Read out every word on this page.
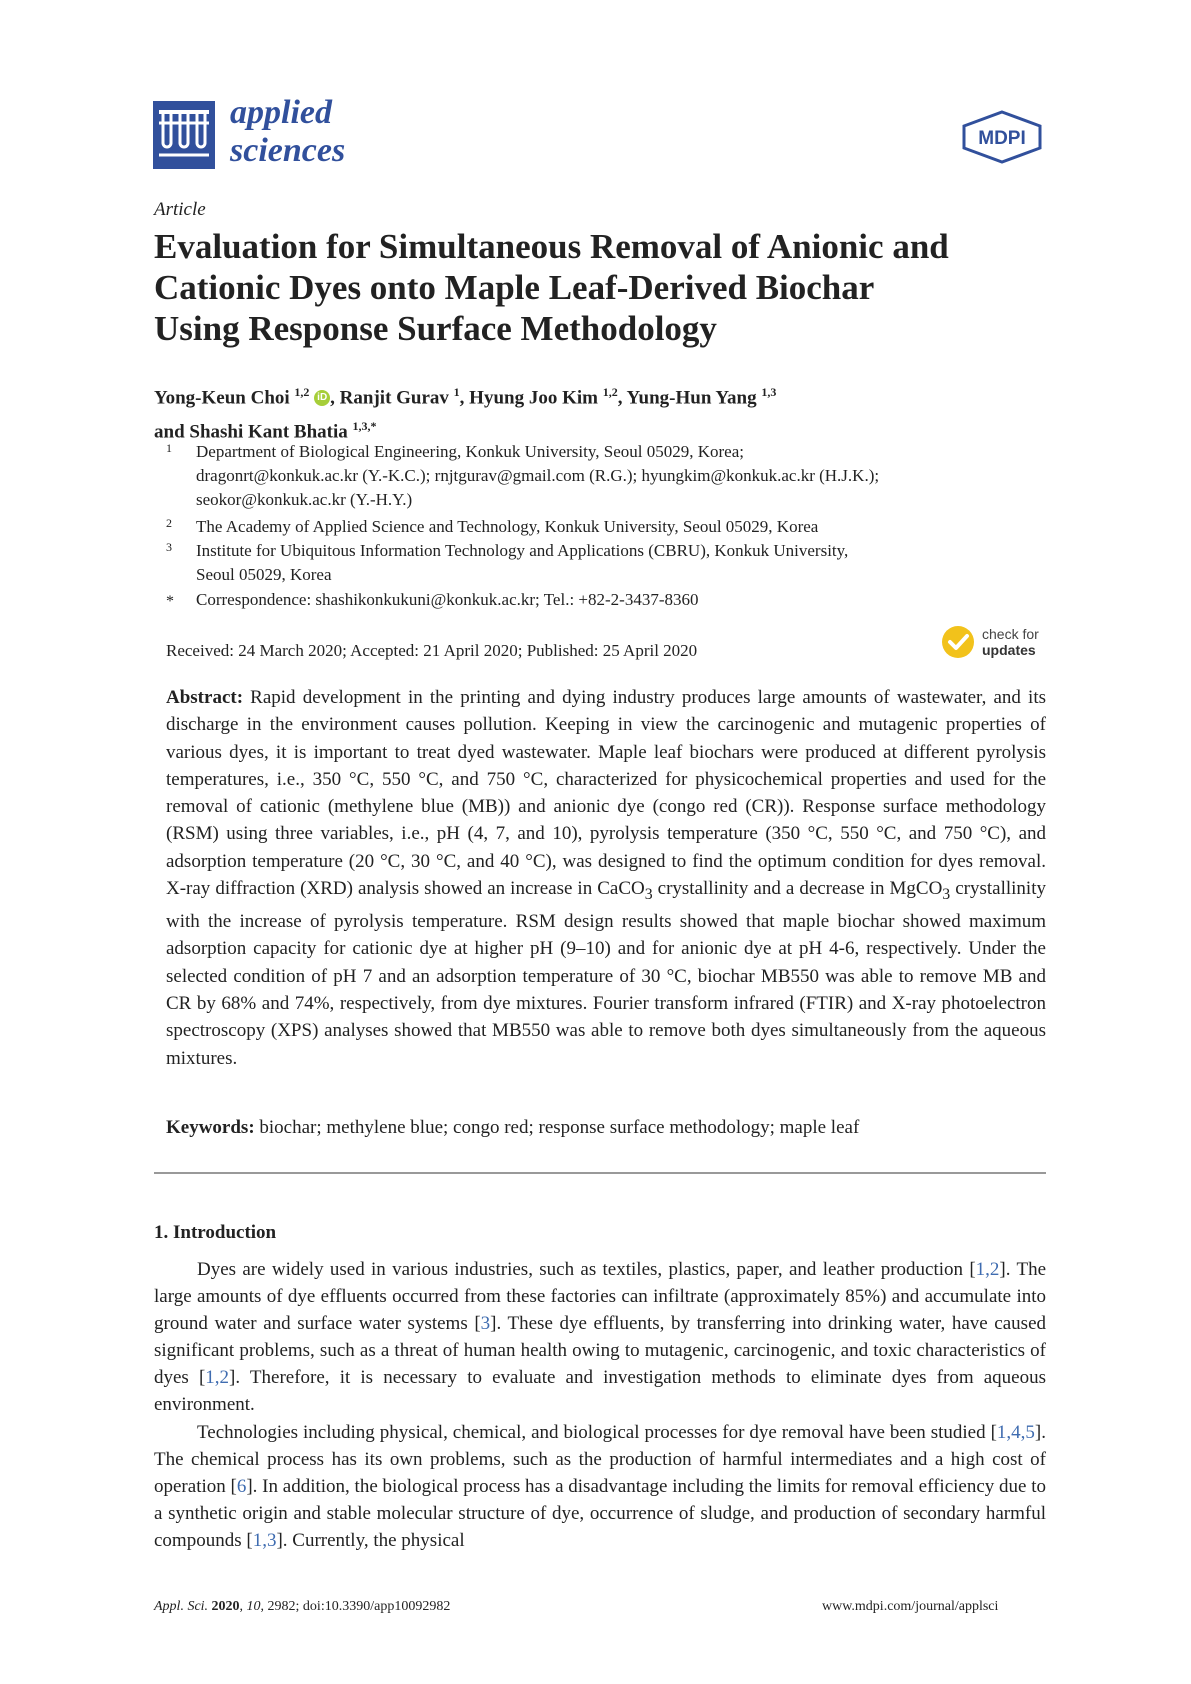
applied
sciences	MDPI
Article
Evaluation for Simultaneous Removal of Anionic and
Cationic Dyes onto Maple Leaf-Derived Biochar
Using Response Surface Methodology
Yong-Keun Choi $^{1,2}$ iD , Ranjit Gurav $^1$, Hyung Joo Kim $^{1,2}$, Yung-Hun Yang $^{1,3}$
and Shashi Kant Bhatia $^{1,3,*}$
1 Department of Biological Engineering, Konkuk University, Seoul 05029, Korea;
dragonrt@konkuk.ac.kr (Y.-K.C.); rnjtgurav@gmail.com (R.G.); hyungkim@konkuk.ac.kr (H.J.K.);
seokor@konkuk.ac.kr (Y.-H.Y.)
2 The Academy of Applied Science and Technology, Konkuk University, Seoul 05029, Korea
3 Institute for Ubiquitous Information Technology and Applications (CBRU), Konkuk University,
Seoul 05029, Korea
* Correspondence: shashikonkukuni@konkuk.ac.kr; Tel.: +82-2-3437-8360
Received: 24 March 2020; Accepted: 21 April 2020; Published: 25 April 2020
check for
updates
Abstract: Rapid development in the printing and dying industry produces large amounts of wastewater, and its discharge in the environment causes pollution. Keeping in view the carcinogenic and mutagenic properties of various dyes, it is important to treat dyed wastewater. Maple leaf biochars were produced at different pyrolysis temperatures, i.e., 350 °C, 550 °C, and 750 °C, characterized for physicochemical properties and used for the removal of cationic (methylene blue (MB)) and anionic dye (congo red (CR)). Response surface methodology (RSM) using three variables, i.e., pH (4, 7, and 10), pyrolysis temperature (350 °C, 550 °C, and 750 °C), and adsorption temperature (20 °C, 30 °C, and 40 °C), was designed to find the optimum condition for dyes removal. X-ray diffraction (XRD) analysis showed an increase in CaCO$_3$ crystallinity and a decrease in MgCO$_3$ crystallinity with the increase of pyrolysis temperature. RSM design results showed that maple biochar showed maximum adsorption capacity for cationic dye at higher pH (9–10) and for anionic dye at pH 4-6, respectively. Under the selected condition of pH 7 and an adsorption temperature of 30 °C, biochar MB550 was able to remove MB and CR by 68% and 74%, respectively, from dye mixtures. Fourier transform infrared (FTIR) and X-ray photoelectron spectroscopy (XPS) analyses showed that MB550 was able to remove both dyes simultaneously from the aqueous mixtures.
Keywords: biochar; methylene blue; congo red; response surface methodology; maple leaf
1. Introduction

Dyes are widely used in various industries, such as textiles, plastics, paper, and leather production [1,2]. The large amounts of dye effluents occurred from these factories can infiltrate (approximately 85%) and accumulate into ground water and surface water systems [3]. These dye effluents, by transferring into drinking water, have caused significant problems, such as a threat of human health owing to mutagenic, carcinogenic, and toxic characteristics of dyes [1,2]. Therefore, it is necessary to evaluate and investigation methods to eliminate dyes from aqueous environment.

Technologies including physical, chemical, and biological processes for dye removal have been studied [1,4,5]. The chemical process has its own problems, such as the production of harmful intermediates and a high cost of operation [6]. In addition, the biological process has a disadvantage including the limits for removal efficiency due to a synthetic origin and stable molecular structure of dye, occurrence of sludge, and production of secondary harmful compounds [1,3]. Currently, the physical

Appl. Sci. 2020, 10, 2982; doi:10.3390/app10092982	www.mdpi.com/journal/applsci
